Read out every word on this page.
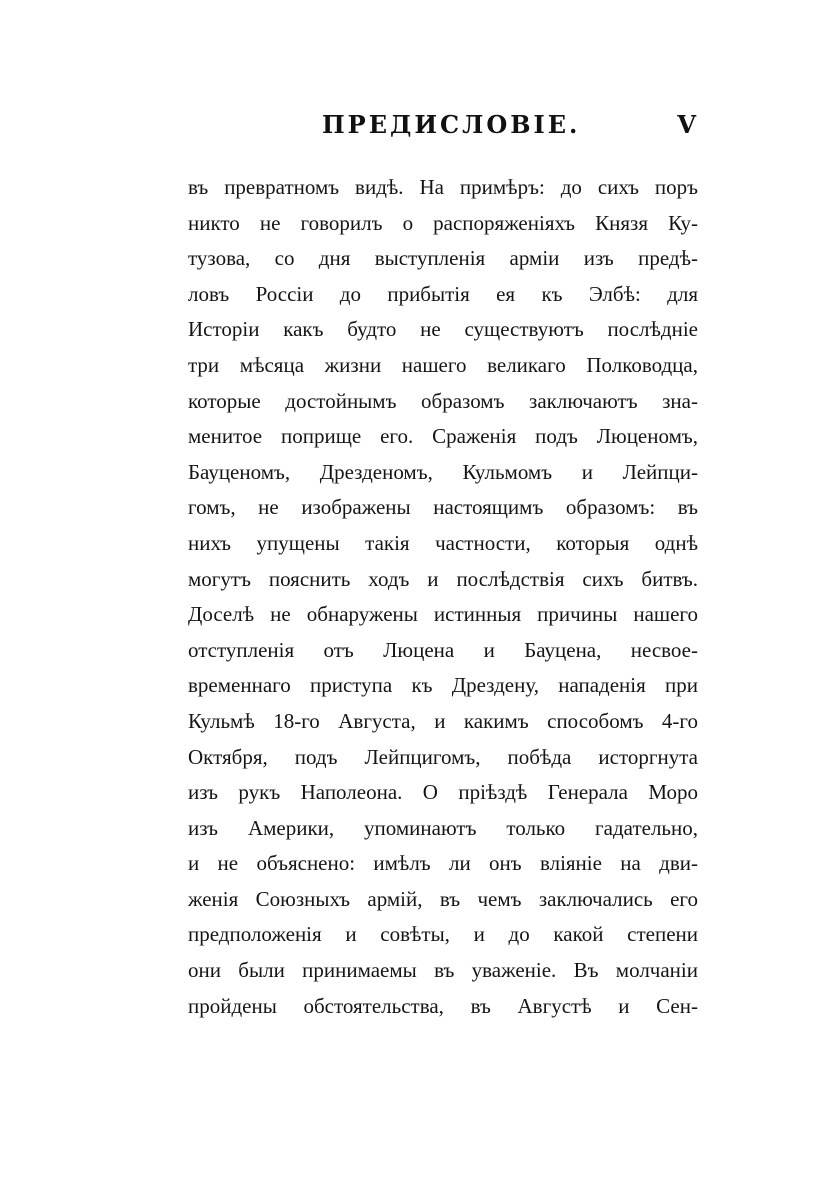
ПРЕДИСЛОВІЕ.	V
въ превратномъ видѣ. На примѣръ: до сихъ поръ
никто не говорилъ о распоряженіяхъ Князя Ку-
тузова, со дня выступленія арміи изъ предѣ-
ловъ Россіи до прибытія ея къ Элбѣ: для
Исторіи какъ будто не существуютъ послѣдніе
три мѣсяца жизни нашего великаго Полководца,
которые достойнымъ образомъ заключаютъ зна-
менитое поприще его. Сраженія подъ Люценомъ,
Бауценомъ, Дрезденомъ, Кульмомъ и Лейпци-
гомъ, не изображены настоящимъ образомъ: въ
нихъ упущены такія частности, которыя однѣ
могутъ пояснить ходъ и послѣдствія сихъ битвъ.
Доселѣ не обнаружены истинныя причины нашего
отступленія отъ Люцена и Бауцена, несвое-
временнаго приступа къ Дрездену, нападенія при
Кульмѣ 18-го Августа, и какимъ способомъ 4-го
Октября, подъ Лейпцигомъ, побѣда исторгнута
изъ рукъ Наполеона. О пріѣздѣ Генерала Моро
изъ Америки, упоминаютъ только гадательно,
и не объяснено: имѣлъ ли онъ вліяніе на дви-
женія Союзныхъ армій, въ чемъ заключались его
предположенія и совѣты, и до какой степени
они были принимаемы въ уваженіе. Въ молчаніи
пройдены обстоятельства, въ Августѣ и Сен-
